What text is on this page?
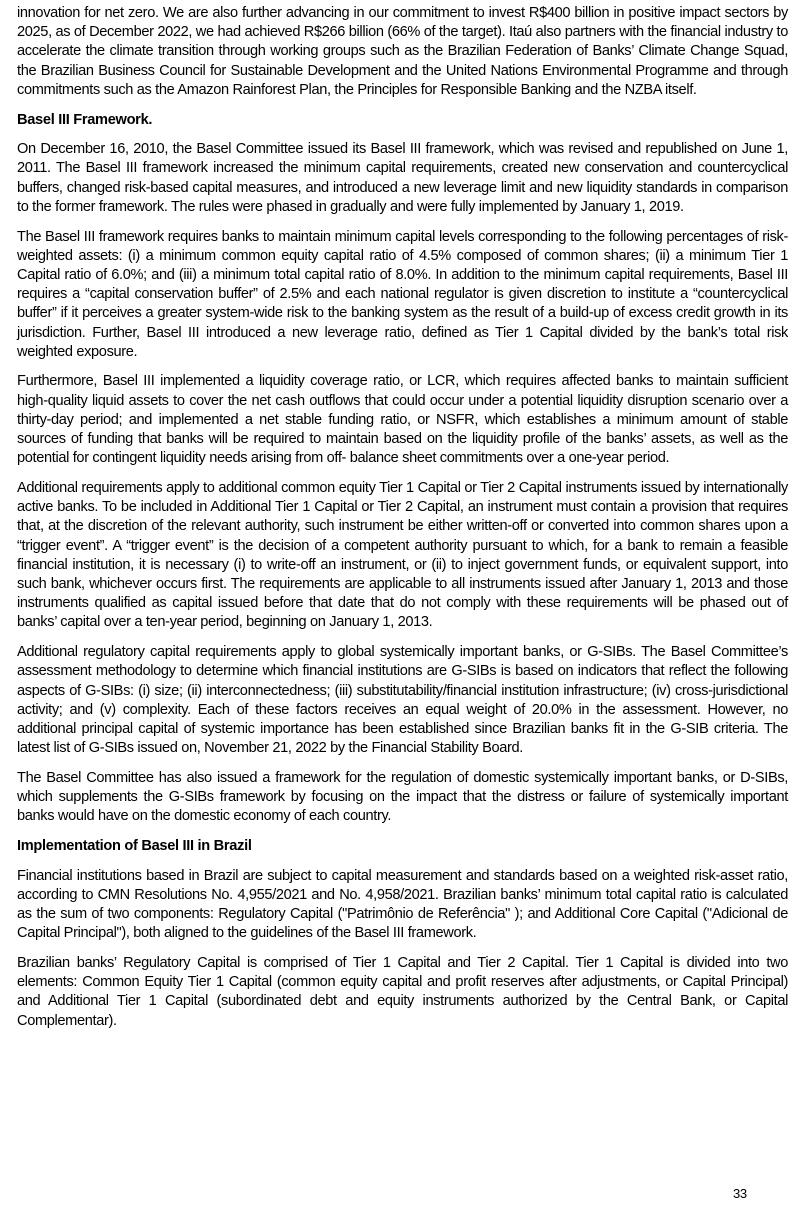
innovation for net zero. We are also further advancing in our commitment to invest R$400 billion in positive impact sectors by 2025, as of December 2022, we had achieved R$266 billion (66% of the target). Itaú also partners with the financial industry to accelerate the climate transition through working groups such as the Brazilian Federation of Banks’ Climate Change Squad, the Brazilian Business Council for Sustainable Development and the United Nations Environmental Programme and through commitments such as the Amazon Rainforest Plan, the Principles for Responsible Banking and the NZBA itself.

Basel III Framework.

On December 16, 2010, the Basel Committee issued its Basel III framework, which was revised and republished on June 1, 2011. The Basel III framework increased the minimum capital requirements, created new conservation and countercyclical buffers, changed risk-based capital measures, and introduced a new leverage limit and new liquidity standards in comparison to the former framework. The rules were phased in gradually and were fully implemented by January 1, 2019.

The Basel III framework requires banks to maintain minimum capital levels corresponding to the following percentages of risk-weighted assets: (i) a minimum common equity capital ratio of 4.5% composed of common shares; (ii) a minimum Tier 1 Capital ratio of 6.0%; and (iii) a minimum total capital ratio of 8.0%. In addition to the minimum capital requirements, Basel III requires a “capital conservation buffer” of 2.5% and each national regulator is given discretion to institute a “countercyclical buffer” if it perceives a greater system-wide risk to the banking system as the result of a build-up of excess credit growth in its jurisdiction. Further, Basel III introduced a new leverage ratio, defined as Tier 1 Capital divided by the bank’s total risk weighted exposure.

Furthermore, Basel III implemented a liquidity coverage ratio, or LCR, which requires affected banks to maintain sufficient high-quality liquid assets to cover the net cash outflows that could occur under a potential liquidity disruption scenario over a thirty-day period; and implemented a net stable funding ratio, or NSFR, which establishes a minimum amount of stable sources of funding that banks will be required to maintain based on the liquidity profile of the banks’ assets, as well as the potential for contingent liquidity needs arising from off- balance sheet commitments over a one-year period.

Additional requirements apply to additional common equity Tier 1 Capital or Tier 2 Capital instruments issued by internationally active banks. To be included in Additional Tier 1 Capital or Tier 2 Capital, an instrument must contain a provision that requires that, at the discretion of the relevant authority, such instrument be either written-off or converted into common shares upon a “trigger event”. A “trigger event” is the decision of a competent authority pursuant to which, for a bank to remain a feasible financial institution, it is necessary (i) to write-off an instrument, or (ii) to inject government funds, or equivalent support, into such bank, whichever occurs first. The requirements are applicable to all instruments issued after January 1, 2013 and those instruments qualified as capital issued before that date that do not comply with these requirements will be phased out of banks’ capital over a ten-year period, beginning on January 1, 2013.

Additional regulatory capital requirements apply to global systemically important banks, or G-SIBs. The Basel Committee’s assessment methodology to determine which financial institutions are G-SIBs is based on indicators that reflect the following aspects of G-SIBs: (i) size; (ii) interconnectedness; (iii) substitutability/financial institution infrastructure; (iv) cross-jurisdictional activity; and (v) complexity. Each of these factors receives an equal weight of 20.0% in the assessment. However, no additional principal capital of systemic importance has been established since Brazilian banks fit in the G-SIB criteria. The latest list of G-SIBs issued on, November 21, 2022 by the Financial Stability Board.

The Basel Committee has also issued a framework for the regulation of domestic systemically important banks, or D-SIBs, which supplements the G-SIBs framework by focusing on the impact that the distress or failure of systemically important banks would have on the domestic economy of each country.

Implementation of Basel III in Brazil

Financial institutions based in Brazil are subject to capital measurement and standards based on a weighted risk-asset ratio, according to CMN Resolutions No. 4,955/2021 and No. 4,958/2021. Brazilian banks’ minimum total capital ratio is calculated as the sum of two components: Regulatory Capital ("Patrimônio de Referência" ); and Additional Core Capital ("Adicional de Capital Principal"), both aligned to the guidelines of the Basel III framework.

Brazilian banks’ Regulatory Capital is comprised of Tier 1 Capital and Tier 2 Capital. Tier 1 Capital is divided into two elements: Common Equity Tier 1 Capital (common equity capital and profit reserves after adjustments, or Capital Principal) and Additional Tier 1 Capital (subordinated debt and equity instruments authorized by the Central Bank, or Capital Complementar).

33
